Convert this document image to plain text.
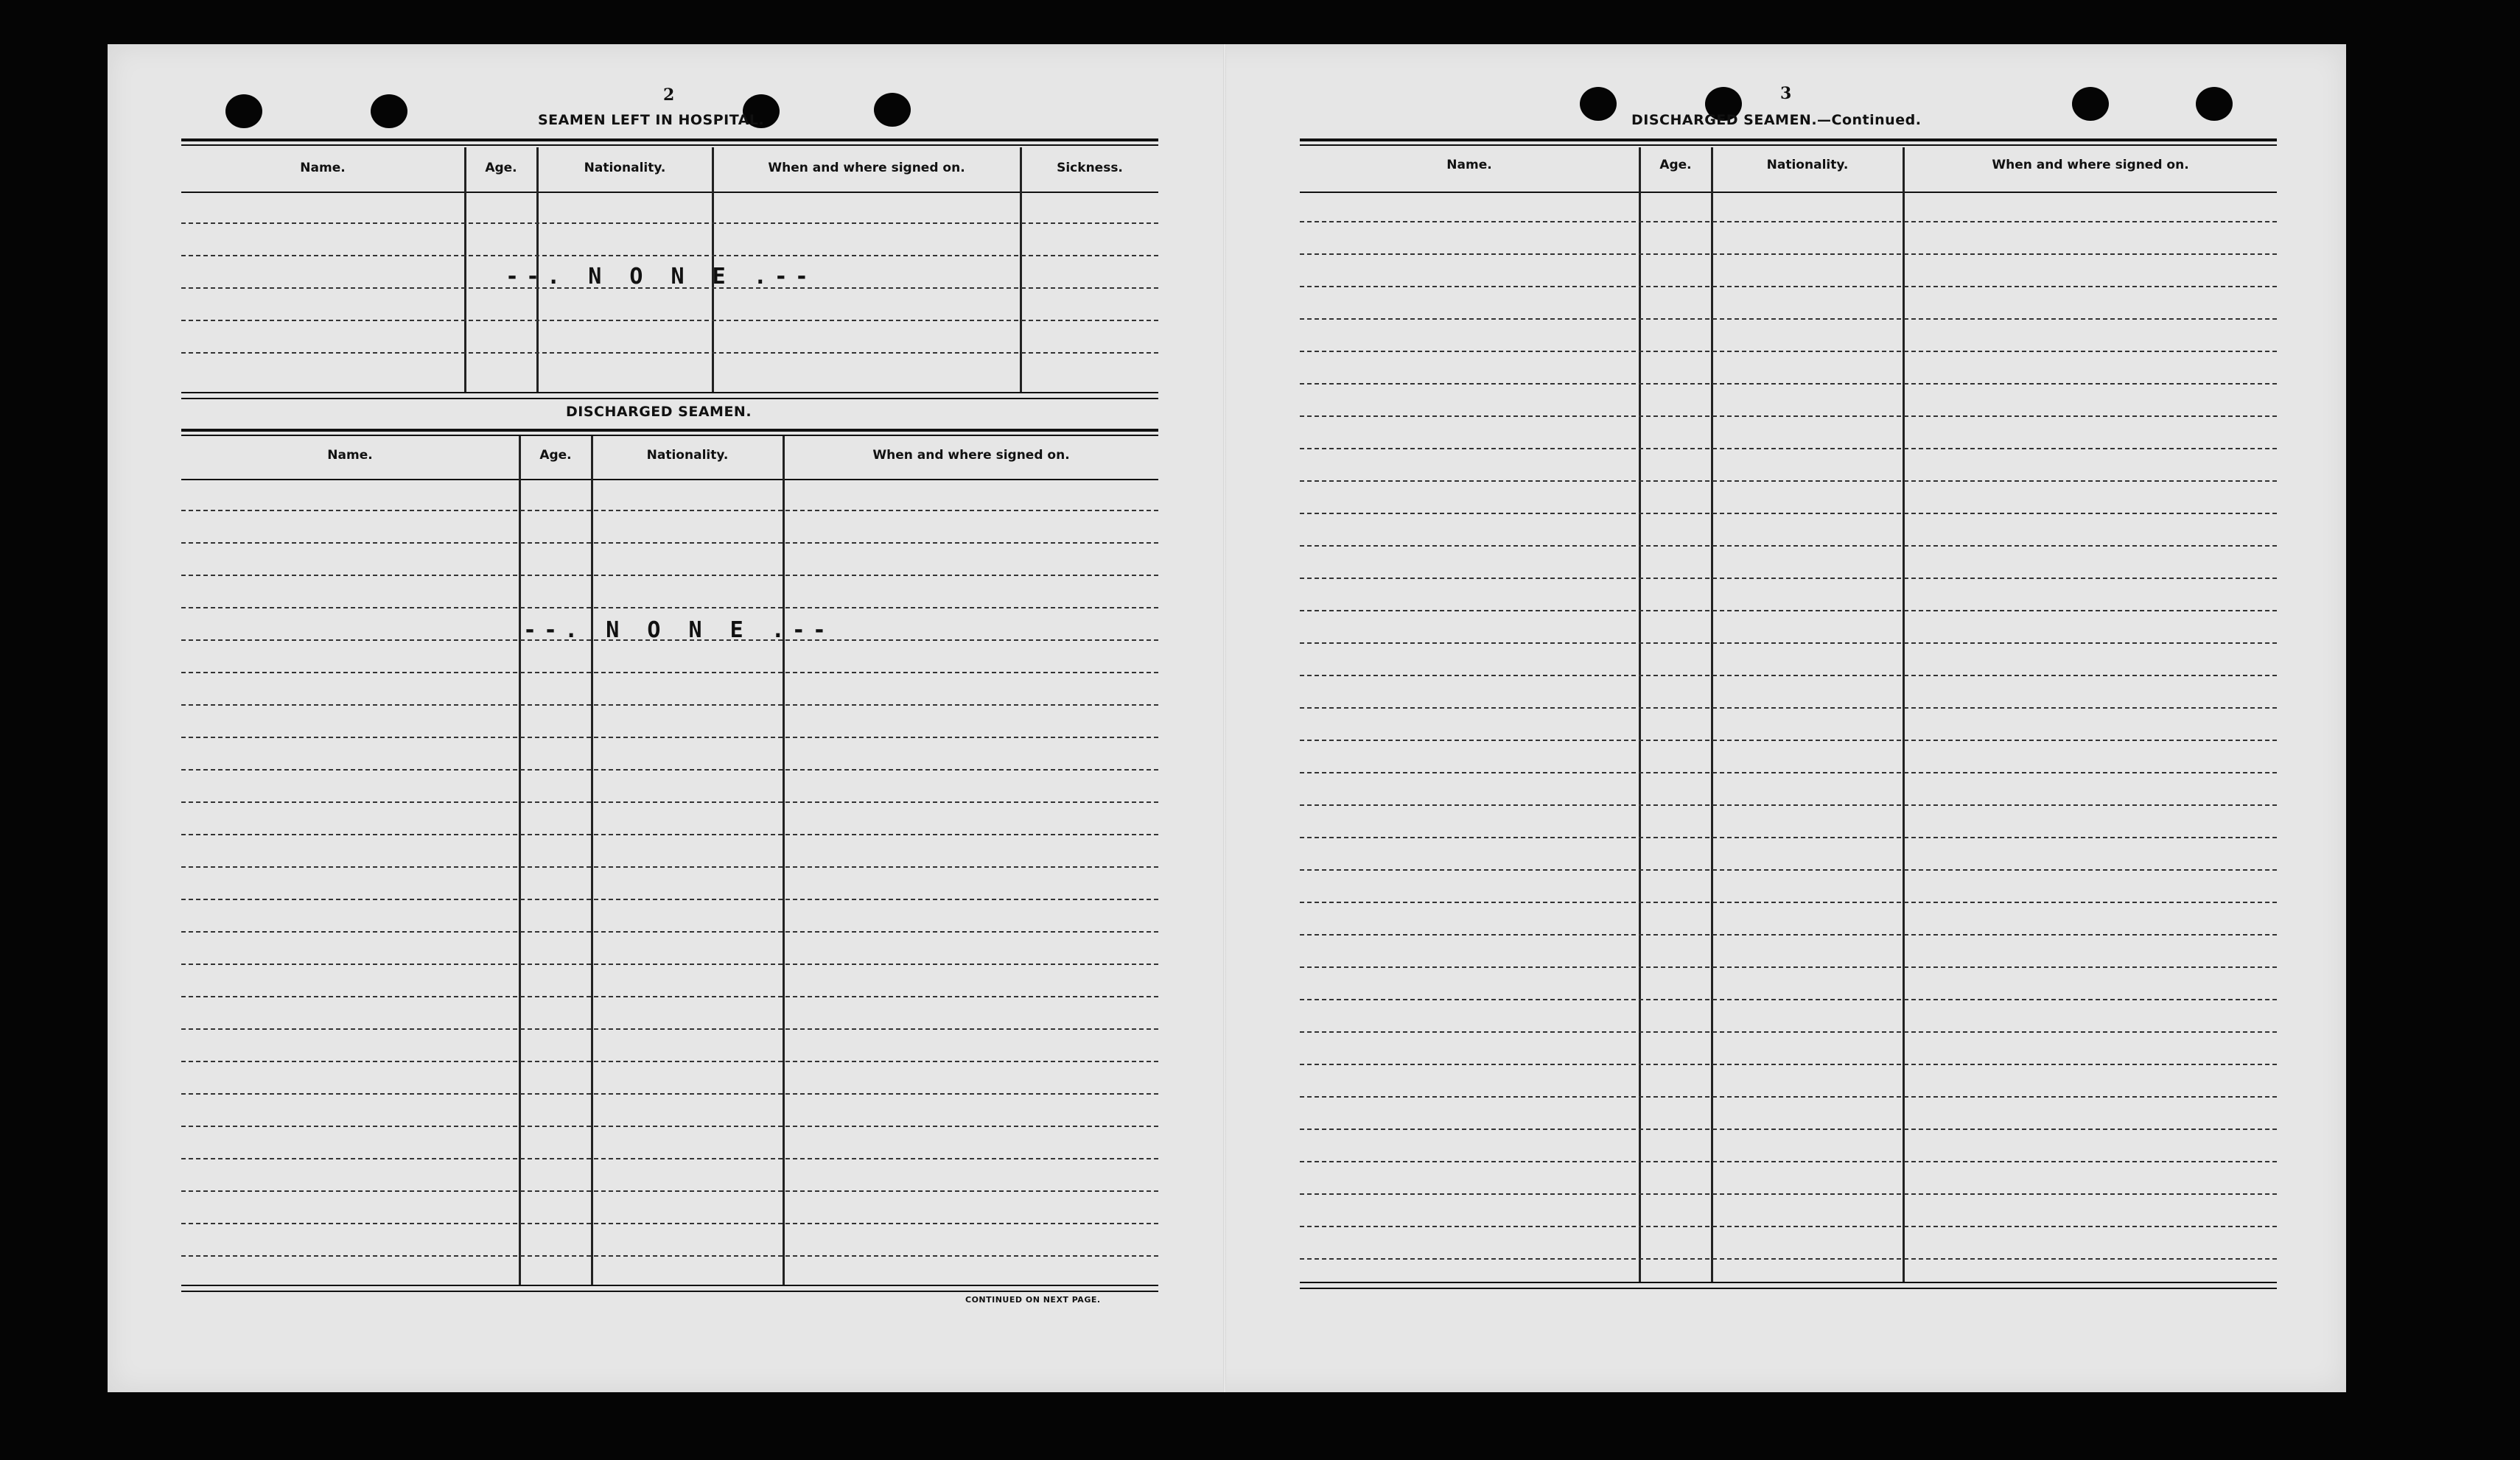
2
SEAMEN LEFT IN HOSPITAL.
Name.	Age.	Nationality.	When and where signed on.	Sickness.
--. N O N E .--
DISCHARGED SEAMEN.
Name.	Age.	Nationality.	When and where signed on.
--. N O N E .--
CONTINUED ON NEXT PAGE.
3
DISCHARGED SEAMEN.—Continued.
Name.	Age.	Nationality.	When and where signed on.
